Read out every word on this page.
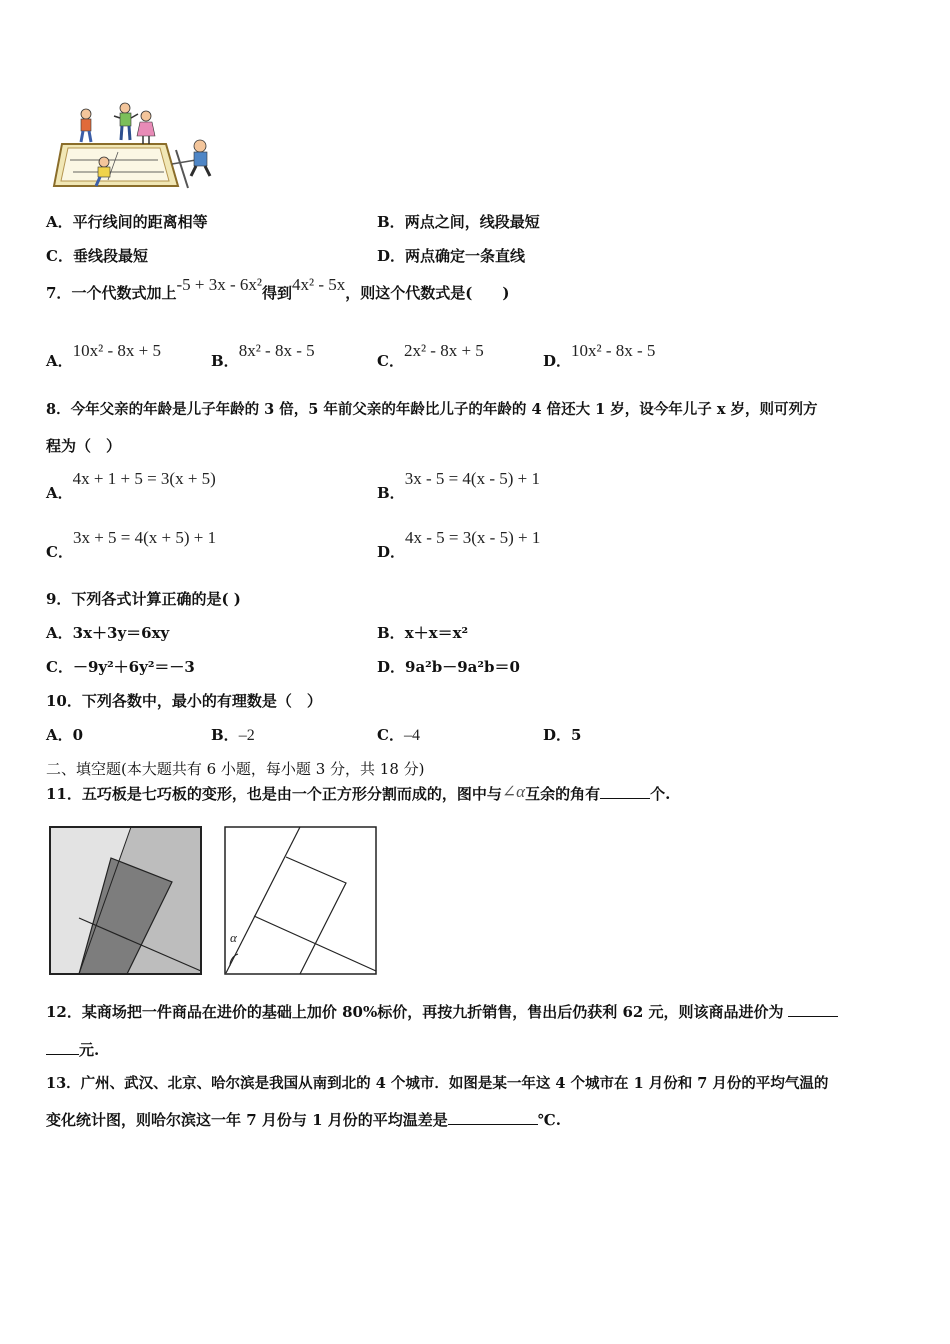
A．平行线间的距离相等	B．两点之间，线段最短
C．垂线段最短	D．两点确定一条直线
7．一个代数式加上-5 + 3x - 6x²得到4x² - 5x，则这个代数式是(　　)
A．10x² - 8x + 5
B．8x² - 8x - 5
C．2x² - 8x + 5
D．10x² - 8x - 5
8．今年父亲的年龄是儿子年龄的 3 倍，5 年前父亲的年龄比儿子的年龄的 4 倍还大 1 岁，设今年儿子 x 岁，则可列方
程为（　）
A．4x + 1 + 5 = 3(x + 5)
B．3x - 5 = 4(x - 5) + 1
C．3x + 5 = 4(x + 5) + 1
D．4x - 5 = 3(x - 5) + 1
9．下列各式计算正确的是( )
A．3x＋3y＝6xy	B．x＋x＝x²
C．－9y²＋6y²＝－3	D．9a²b－9a²b＝0
10．下列各数中，最小的有理数是（　）
A．0	B．–2	C．–4	D．5
二、填空题(本大题共有 6 小题，每小题 3 分，共 18 分)
11．五巧板是七巧板的变形，也是由一个正方形分割而成的，图中与∠α互余的角有	个.
α
12．某商场把一件商品在进价的基础上加价 80%标价，再按九折销售，售出后仍获利 62 元，则该商品进价为
元.
13．广州、武汉、北京、哈尔滨是我国从南到北的 4 个城市．如图是某一年这 4 个城市在 1 月份和 7 月份的平均气温的
变化统计图，则哈尔滨这一年 7 月份与 1 月份的平均温差是	℃.
